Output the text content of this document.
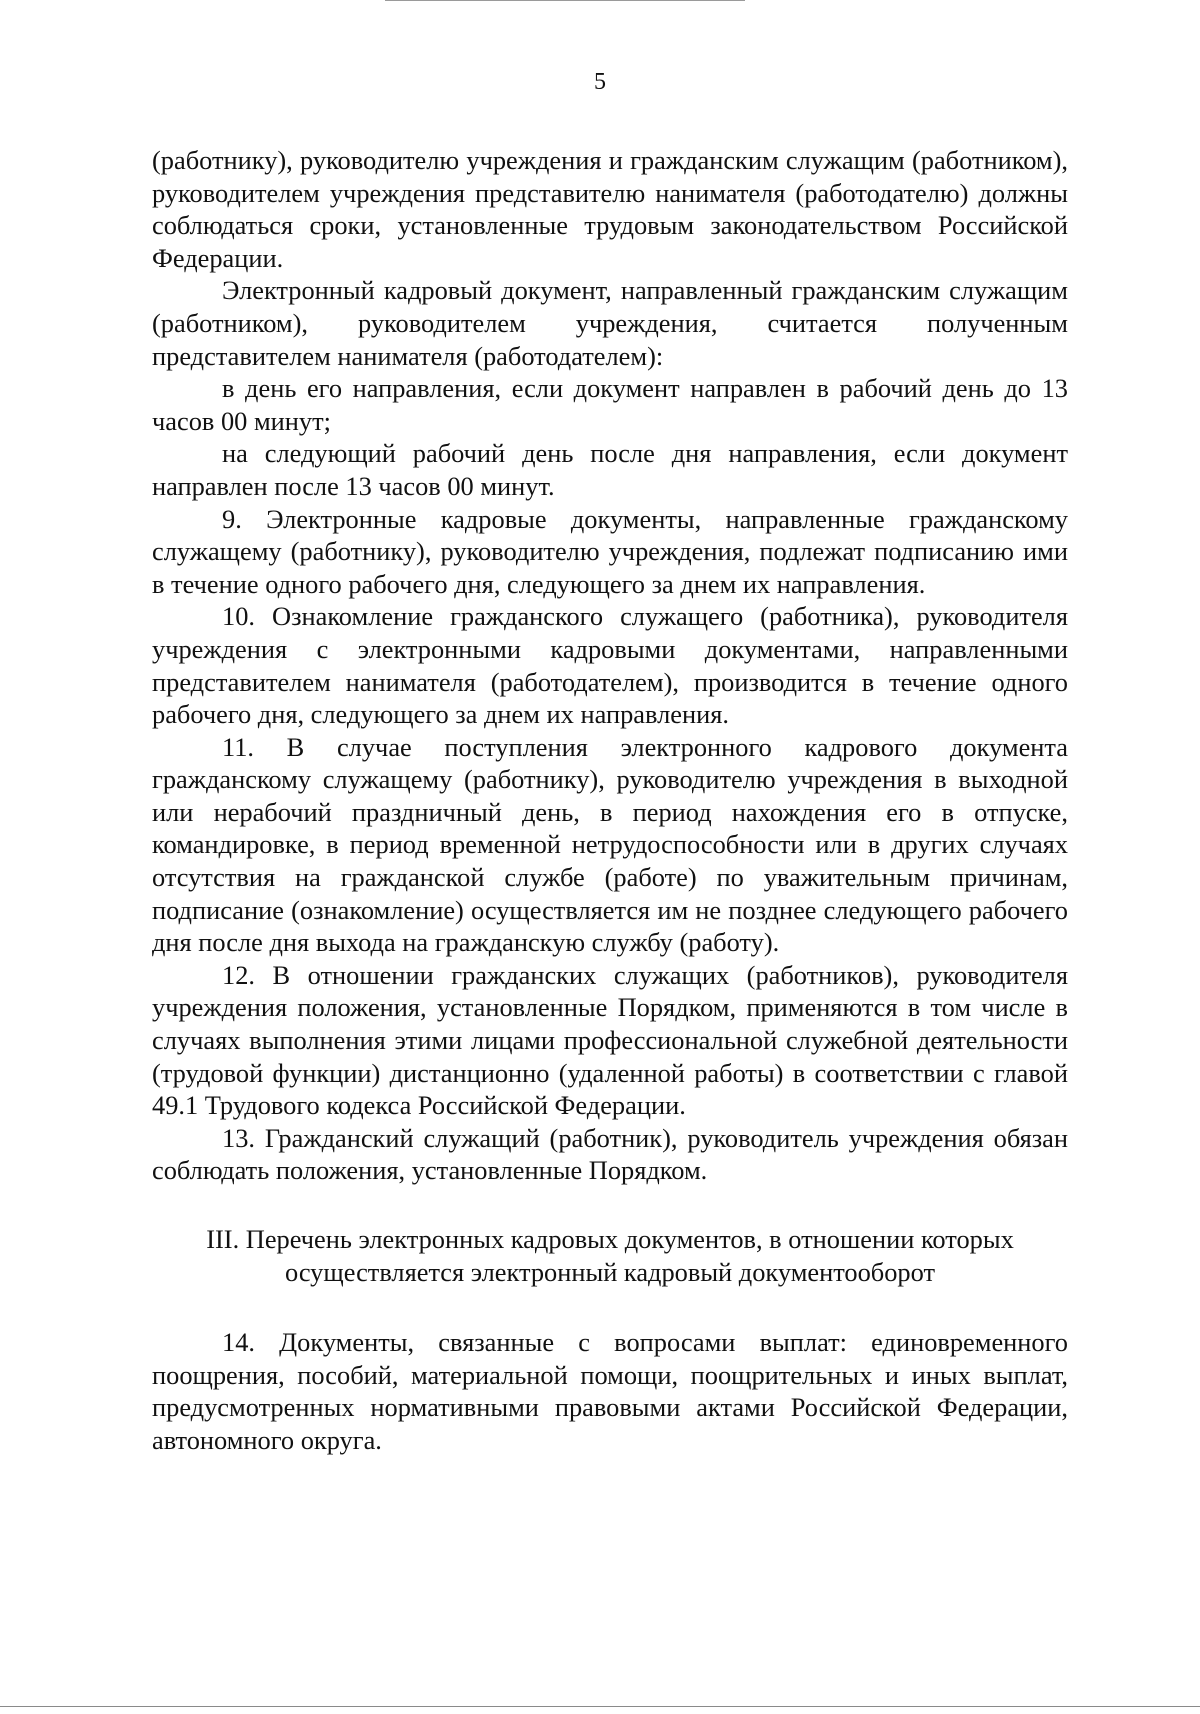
5

(работнику), руководителю учреждения и гражданским служащим (работником), руководителем учреждения представителю нанимателя (работодателю) должны соблюдаться сроки, установленные трудовым законодательством Российской Федерации.

Электронный кадровый документ, направленный гражданским служащим (работником), руководителем учреждения, считается полученным представителем нанимателя (работодателем):

в день его направления, если документ направлен в рабочий день до 13 часов 00 минут;

на следующий рабочий день после дня направления, если документ направлен после 13 часов 00 минут.

9. Электронные кадровые документы, направленные гражданскому служащему (работнику), руководителю учреждения, подлежат подписанию ими в течение одного рабочего дня, следующего за днем их направления.

10. Ознакомление гражданского служащего (работника), руководителя учреждения с электронными кадровыми документами, направленными представителем нанимателя (работодателем), производится в течение одного рабочего дня, следующего за днем их направления.

11. В случае поступления электронного кадрового документа гражданскому служащему (работнику), руководителю учреждения в выходной или нерабочий праздничный день, в период нахождения его в отпуске, командировке, в период временной нетрудоспособности или в других случаях отсутствия на гражданской службе (работе) по уважительным причинам, подписание (ознакомление) осуществляется им не позднее следующего рабочего дня после дня выхода на гражданскую службу (работу).

12. В отношении гражданских служащих (работников), руководителя учреждения положения, установленные Порядком, применяются в том числе в случаях выполнения этими лицами профессиональной служебной деятельности (трудовой функции) дистанционно (удаленной работы) в соответствии с главой 49.1 Трудового кодекса Российской Федерации.

13. Гражданский служащий (работник), руководитель учреждения обязан соблюдать положения, установленные Порядком.

III. Перечень электронных кадровых документов, в отношении которых осуществляется электронный кадровый документооборот

14. Документы, связанные с вопросами выплат: единовременного поощрения, пособий, материальной помощи, поощрительных и иных выплат, предусмотренных нормативными правовыми актами Российской Федерации, автономного округа.
